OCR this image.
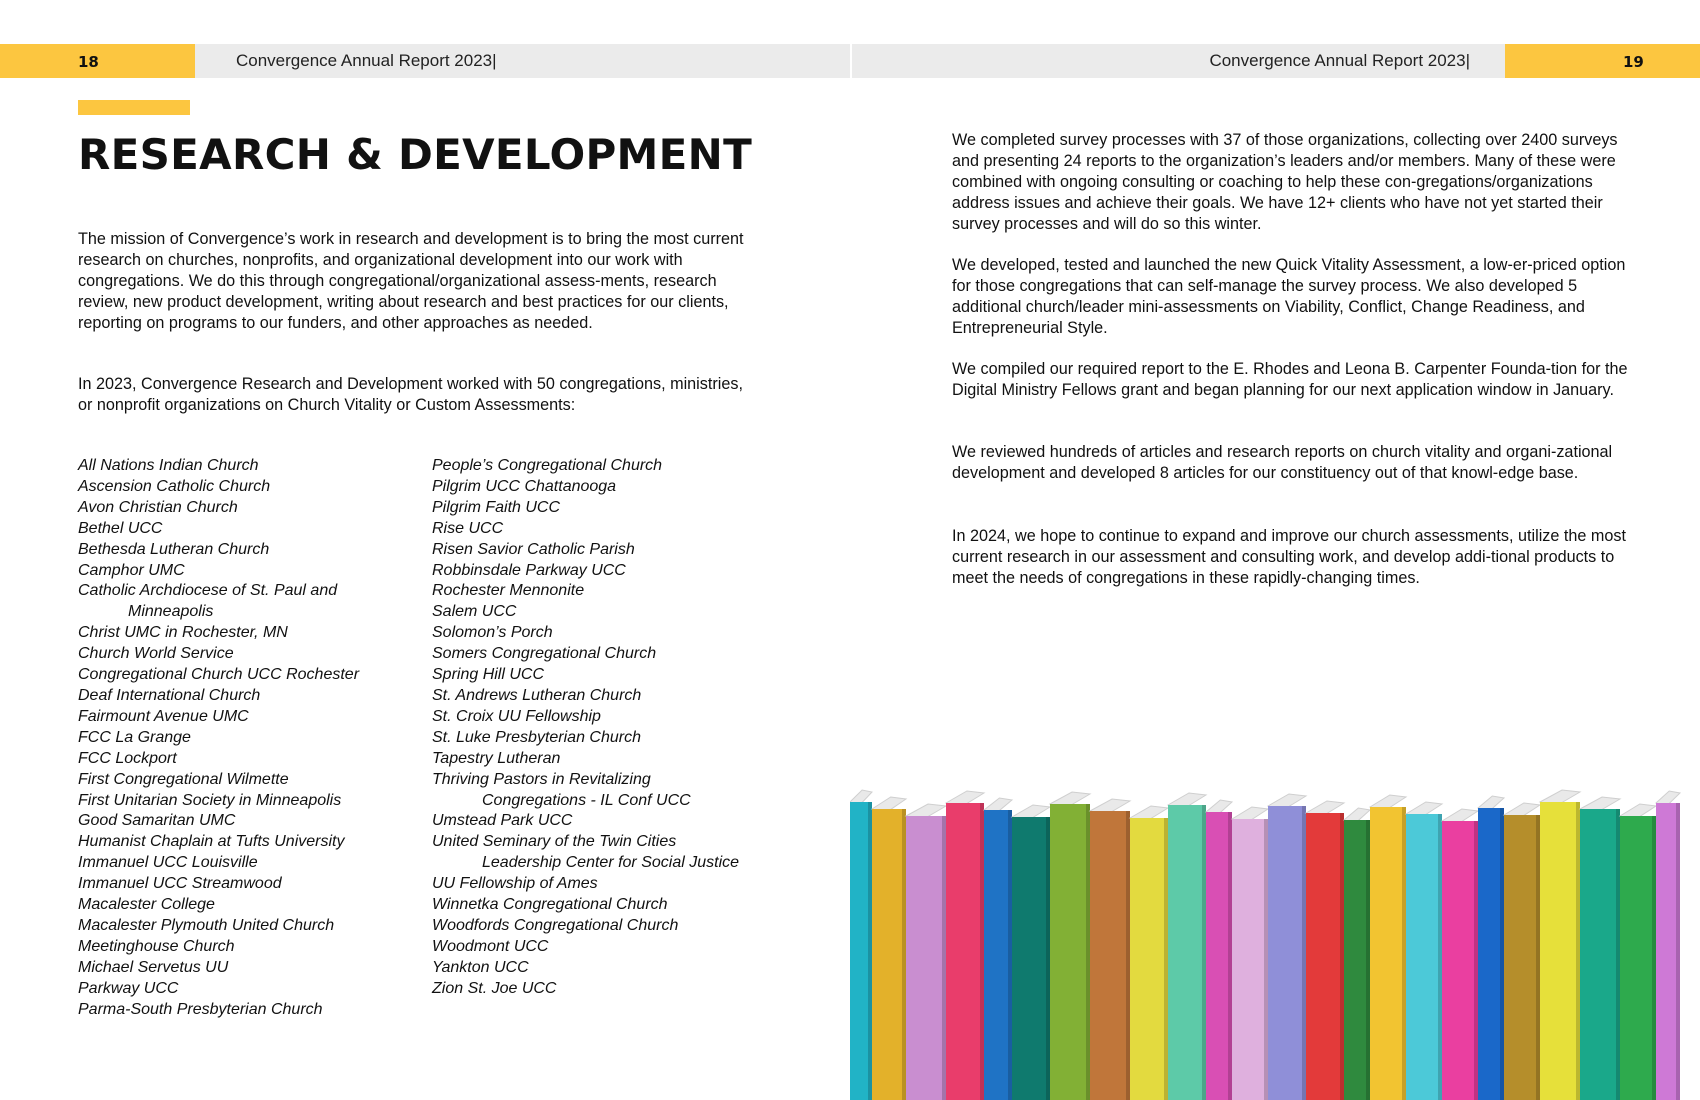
18	Convergence Annual Report 2023|	Convergence Annual Report 2023|	19
RESEARCH & DEVELOPMENT

The mission of Convergence’s work in research and development is to bring the most current research on churches, nonprofits, and organizational development into our work with congregations. We do this through congregational/organizational assess-ments, research review, new product development, writing about research and best practices for our clients, reporting on programs to our funders, and other approaches as needed.

In 2023, Convergence Research and Development worked with 50 congregations, ministries, or nonprofit organizations on Church Vitality or Custom Assessments:

All Nations Indian Church
Ascension Catholic Church
Avon Christian Church
Bethel UCC
Bethesda Lutheran Church
Camphor UMC
Catholic Archdiocese of St. Paul and
Minneapolis
Christ UMC in Rochester, MN
Church World Service
Congregational Church UCC Rochester
Deaf International Church
Fairmount Avenue UMC
FCC La Grange
FCC Lockport
First Congregational Wilmette
First Unitarian Society in Minneapolis
Good Samaritan UMC
Humanist Chaplain at Tufts University
Immanuel UCC Louisville
Immanuel UCC Streamwood
Macalester College
Macalester Plymouth United Church
Meetinghouse Church
Michael Servetus UU
Parkway UCC
Parma-South Presbyterian Church
People’s Congregational Church
Pilgrim UCC Chattanooga
Pilgrim Faith UCC
Rise UCC
Risen Savior Catholic Parish
Robbinsdale Parkway UCC
Rochester Mennonite
Salem UCC
Solomon’s Porch
Somers Congregational Church
Spring Hill UCC
St. Andrews Lutheran Church
St. Croix UU Fellowship
St. Luke Presbyterian Church
Tapestry Lutheran
Thriving Pastors in Revitalizing
Congregations - IL Conf UCC
Umstead Park UCC
United Seminary of the Twin Cities
Leadership Center for Social Justice
UU Fellowship of Ames
Winnetka Congregational Church
Woodfords Congregational Church
Woodmont UCC
Yankton UCC
Zion St. Joe UCC

We completed survey processes with 37 of those organizations, collecting over 2400 surveys and presenting 24 reports to the organization’s leaders and/or members. Many of these were combined with ongoing consulting or coaching to help these con-gregations/organizations address issues and achieve their goals. We have 12+ clients who have not yet started their survey processes and will do so this winter.

We developed, tested and launched the new Quick Vitality Assessment, a low-er-priced option for those congregations that can self-manage the survey process. We also developed 5 additional church/leader mini-assessments on Viability, Conflict, Change Readiness, and Entrepreneurial Style.

We compiled our required report to the E. Rhodes and Leona B. Carpenter Founda-tion for the Digital Ministry Fellows grant and began planning for our next application window in January.

We reviewed hundreds of articles and research reports on church vitality and organi-zational development and developed 8 articles for our constituency out of that knowl-edge base.

In 2024, we hope to continue to expand and improve our church assessments, utilize the most current research in our assessment and consulting work, and develop addi-tional products to meet the needs of congregations in these rapidly-changing times.
